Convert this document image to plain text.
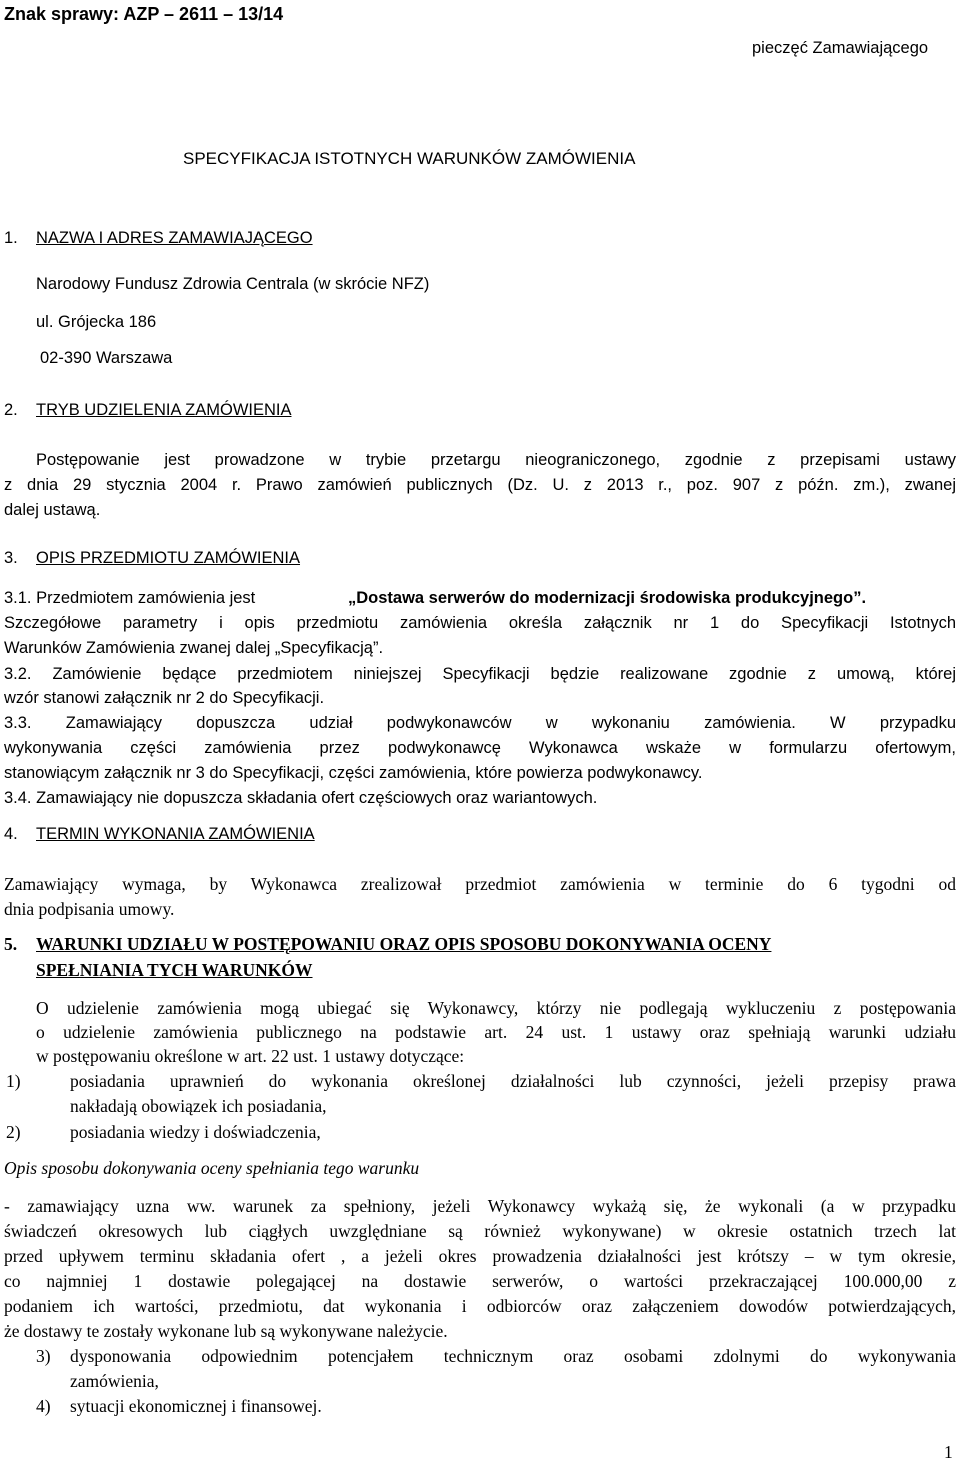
Znak sprawy: AZP – 2611 – 13/14
pieczęć Zamawiającego
SPECYFIKACJA ISTOTNYCH WARUNKÓW ZAMÓWIENIA
1. NAZWA I ADRES ZAMAWIAJĄCEGO
Narodowy Fundusz Zdrowia Centrala (w skrócie NFZ)
ul. Grójecka 186
02-390 Warszawa
2. TRYB UDZIELENIA ZAMÓWIENIA
Postępowanie jest prowadzone w trybie przetargu nieograniczonego, zgodnie z przepisami ustawy
z dnia 29 stycznia 2004 r. Prawo zamówień publicznych (Dz. U. z 2013 r., poz. 907 z późn. zm.), zwanej
dalej ustawą.
3. OPIS PRZEDMIOTU ZAMÓWIENIA
3.1. Przedmiotem zamówienia jest	„Dostawa serwerów do modernizacji środowiska produkcyjnego”.
Szczegółowe parametry i opis przedmiotu zamówienia określa załącznik nr 1 do Specyfikacji Istotnych
Warunków Zamówienia zwanej dalej „Specyfikacją”.
3.2. Zamówienie będące przedmiotem niniejszej Specyfikacji będzie realizowane zgodnie z umową, której
wzór stanowi załącznik nr 2 do Specyfikacji.
3.3. Zamawiający dopuszcza udział podwykonawców w wykonaniu zamówienia. W przypadku
wykonywania części zamówienia przez podwykonawcę Wykonawca wskaże w formularzu ofertowym,
stanowiącym załącznik nr 3 do Specyfikacji, części zamówienia, które powierza podwykonawcy.
3.4. Zamawiający nie dopuszcza składania ofert częściowych oraz wariantowych.
4. TERMIN WYKONANIA ZAMÓWIENIA
Zamawiający wymaga, by Wykonawca zrealizował przedmiot zamówienia w terminie do 6 tygodni od
dnia podpisania umowy.
5. WARUNKI UDZIAŁU W POSTĘPOWANIU ORAZ OPIS SPOSOBU DOKONYWANIA OCENY
SPEŁNIANIA TYCH WARUNKÓW
O udzielenie zamówienia mogą ubiegać się Wykonawcy, którzy nie podlegają wykluczeniu z postępowania
o udzielenie zamówienia publicznego na podstawie art. 24 ust. 1 ustawy oraz spełniają warunki udziału
w postępowaniu określone w art. 22 ust. 1 ustawy dotyczące:
1)	posiadania uprawnień do wykonania określonej działalności lub czynności, jeżeli przepisy prawa
nakładają obowiązek ich posiadania,
2)	posiadania wiedzy i doświadczenia,
Opis sposobu dokonywania oceny spełniania tego warunku
- zamawiający uzna ww. warunek za spełniony, jeżeli Wykonawcy wykażą się, że wykonali (a w przypadku
świadczeń okresowych lub ciągłych uwzględniane są również wykonywane) w okresie ostatnich trzech lat
przed upływem terminu składania ofert , a jeżeli okres prowadzenia działalności jest krótszy – w tym okresie,
co najmniej 1 dostawie polegającej na dostawie serwerów, o wartości przekraczającej 100.000,00 z
podaniem ich wartości, przedmiotu, dat wykonania i odbiorców oraz załączeniem dowodów potwierdzających,
że dostawy te zostały wykonane lub są wykonywane należycie.
3) dysponowania odpowiednim potencjałem technicznym oraz osobami zdolnymi do wykonywania
zamówienia,
4) sytuacji ekonomicznej i finansowej.
1
